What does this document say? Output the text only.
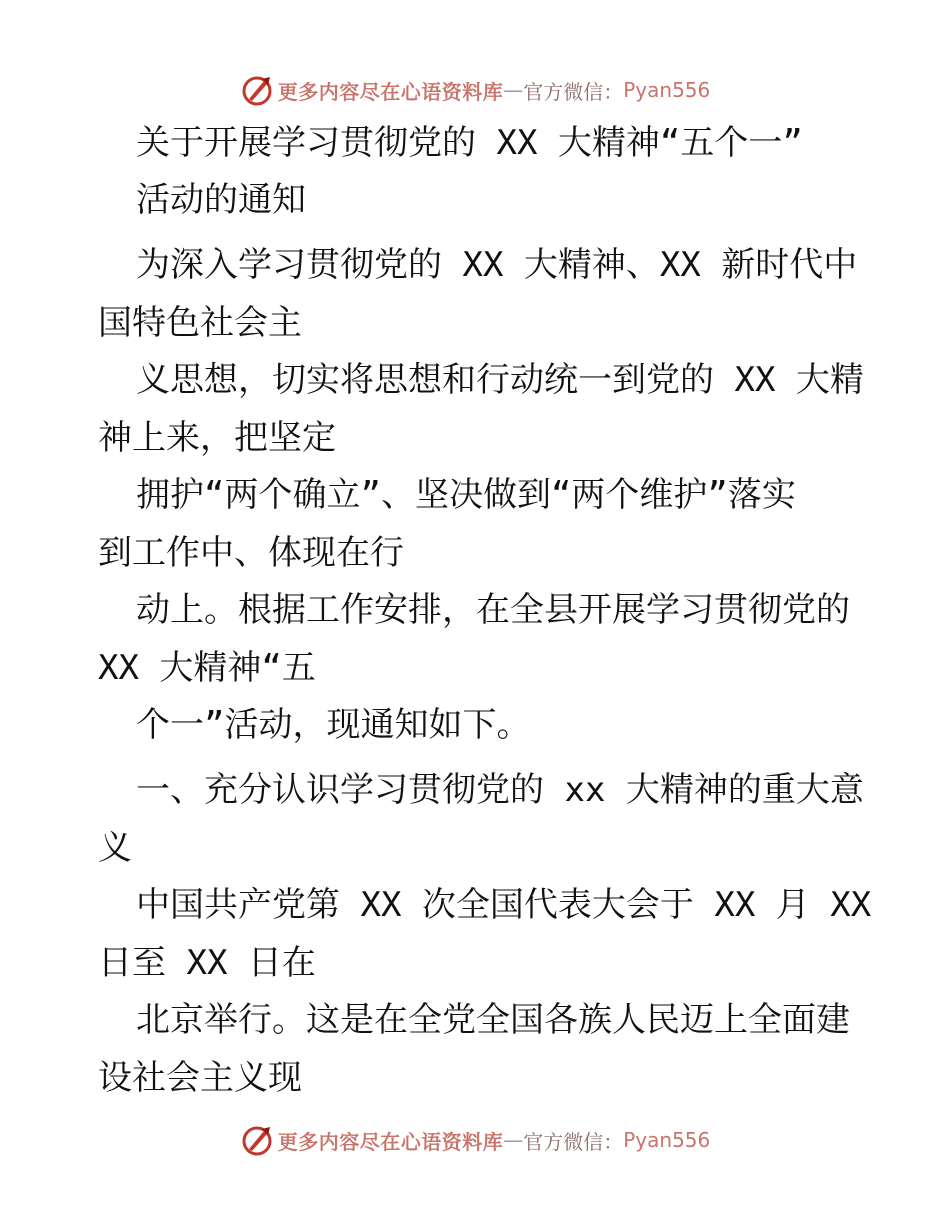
更多内容尽在心语资料库 — 官方微信： Pyan556
关于开展学习贯彻党的 XX 大精神“五个一”
活动的通知
为深入学习贯彻党的 XX 大精神、XX 新时代中
国特色社会主
义思想，切实将思想和行动统一到党的 XX 大精
神上来，把坚定
拥护“两个确立”、坚决做到“两个维护”落实
到工作中、体现在行
动上。根据工作安排，在全县开展学习贯彻党的
XX 大精神“五
个一”活动，现通知如下。
一、充分认识学习贯彻党的 xx 大精神的重大意
义
中国共产党第 XX 次全国代表大会于 XX 月 XX
日至 XX 日在
北京举行。这是在全党全国各族人民迈上全面建
设社会主义现
更多内容尽在心语资料库 — 官方微信： Pyan556
